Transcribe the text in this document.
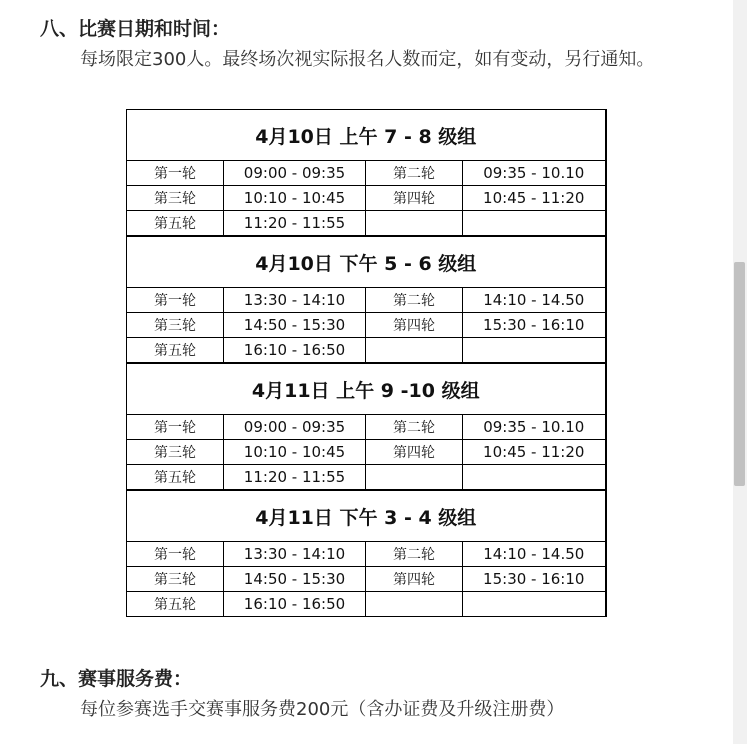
八、比赛日期和时间：
每场限定300人。最终场次视实际报名人数而定，如有变动，另行通知。
4月10日 上午 7 - 8 级组			
第一轮	09:00 - 09:35	第二轮	09:35 - 10.10
第三轮	10:10 - 10:45	第四轮	10:45 - 11:20
第五轮	11:20 - 11:55		
4月10日 下午 5 - 6 级组			
第一轮	13:30 - 14:10	第二轮	14:10 - 14.50
第三轮	14:50 - 15:30	第四轮	15:30 - 16:10
第五轮	16:10 - 16:50		
4月11日 上午 9 -10 级组			
第一轮	09:00 - 09:35	第二轮	09:35 - 10.10
第三轮	10:10 - 10:45	第四轮	10:45 - 11:20
第五轮	11:20 - 11:55		
4月11日 下午 3 - 4 级组			
第一轮	13:30 - 14:10	第二轮	14:10 - 14.50
第三轮	14:50 - 15:30	第四轮	15:30 - 16:10
第五轮	16:10 - 16:50		
九、赛事服务费：
每位参赛选手交赛事服务费200元（含办证费及升级注册费）
